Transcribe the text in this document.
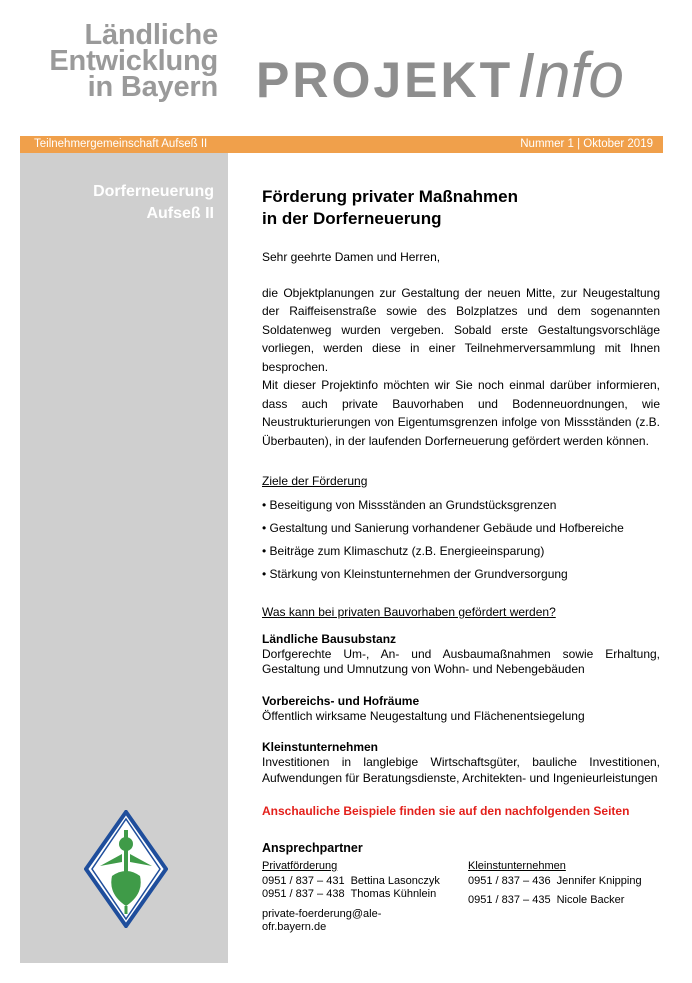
Ländliche
Entwicklung
in Bayern PROJEKTInfo
Teilnehmergemeinschaft Aufseß II	Nummer 1 | Oktober 2019
Dorferneuerung
Aufseß II
Förderung privater Maßnahmen
in der Dorferneuerung
Sehr geehrte Damen und Herren,
die Objektplanungen zur Gestaltung der neuen Mitte, zur Neugestaltung der Raiffeisenstraße sowie des Bolzplatzes und dem sogenannten Soldatenweg wurden vergeben. Sobald erste Gestaltungsvorschläge vorliegen, werden diese in einer Teilnehmerversammlung mit Ihnen besprochen.
Mit dieser Projektinfo möchten wir Sie noch einmal darüber informieren, dass auch private Bauvorhaben und Bodenneuordnungen, wie Neustrukturierungen von Eigentumsgrenzen infolge von Missständen (z.B. Überbauten), in der laufenden Dorferneuerung gefördert werden können.
Ziele der Förderung
• Beseitigung von Missständen an Grundstücksgrenzen
• Gestaltung und Sanierung vorhandener Gebäude und Hofbereiche
• Beiträge zum Klimaschutz (z.B. Energieeinsparung)
• Stärkung von Kleinstunternehmen der Grundversorgung
Was kann bei privaten Bauvorhaben gefördert werden?
Ländliche Bausubstanz
Dorfgerechte Um-, An- und Ausbaumaßnahmen sowie Erhaltung, Gestaltung und Umnutzung von Wohn- und Nebengebäuden
Vorbereichs- und Hofräume
Öffentlich wirksame Neugestaltung und Flächenentsiegelung
Kleinstunternehmen
Investitionen in langlebige Wirtschaftsgüter, bauliche Investitionen, Aufwendungen für Beratungsdienste, Architekten- und Ingenieurleistungen
Anschauliche Beispiele finden sie auf den nachfolgenden Seiten
Ansprechpartner
Privatförderung
0951 / 837 – 431 Bettina Lasonczyk
0951 / 837 – 438 Thomas Kühnlein
private-foerderung@ale-ofr.bayern.de
Kleinstunternehmen
0951 / 837 – 436 Jennifer Knipping
0951 / 837 – 435 Nicole Backer
